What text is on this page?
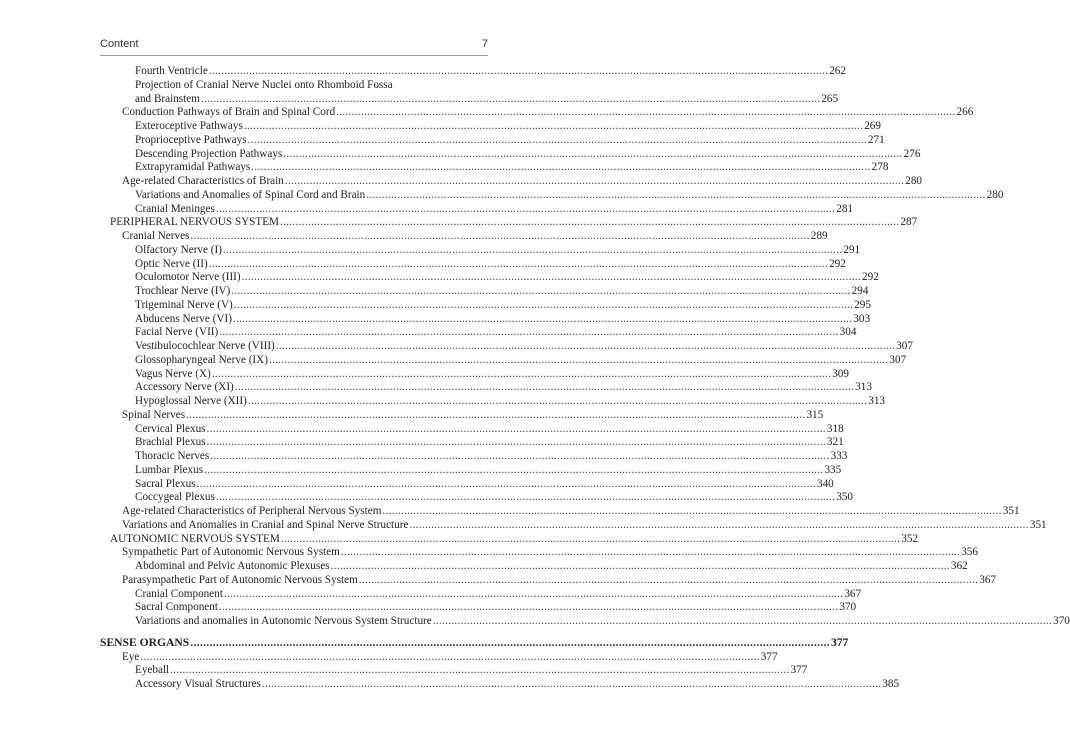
Content	7
Fourth Ventricle ........................................................................................................................................................................................................ 262
Projection of Cranial Nerve Nuclei onto Rhomboid Fossa
and Brainstem ........................................................................................................................................................................................................ 265
Conduction Pathways of Brain and Spinal Cord ........................................................................................................................................................................................................ 266
Exteroceptive Pathways ........................................................................................................................................................................................................ 269
Proprioceptive Pathways ........................................................................................................................................................................................................ 271
Descending Projection Pathways ........................................................................................................................................................................................................ 276
Extrapyramidal Pathways ........................................................................................................................................................................................................ 278
Age-related Characteristics of Brain ........................................................................................................................................................................................................ 280
Variations and Anomalies of Spinal Cord and Brain ........................................................................................................................................................................................................ 280
Cranial Meninges ........................................................................................................................................................................................................ 281
PERIPHERAL NERVOUS SYSTEM ........................................................................................................................................................................................................ 287
Cranial Nerves ........................................................................................................................................................................................................ 289
Olfactory Nerve (I) ........................................................................................................................................................................................................ 291
Optic Nerve (II) ........................................................................................................................................................................................................ 292
Oculomotor Nerve (III) ........................................................................................................................................................................................................ 292
Trochlear Nerve (IV) ........................................................................................................................................................................................................ 294
Trigeminal Nerve (V) ........................................................................................................................................................................................................ 295
Abducens Nerve (VI) ........................................................................................................................................................................................................ 303
Facial Nerve (VII) ........................................................................................................................................................................................................ 304
Vestibulocochlear Nerve (VIII) ........................................................................................................................................................................................................ 307
Glossopharyngeal Nerve (IX) ........................................................................................................................................................................................................ 307
Vagus Nerve (X) ........................................................................................................................................................................................................ 309
Accessory Nerve (XI) ........................................................................................................................................................................................................ 313
Hypoglossal Nerve (XII) ........................................................................................................................................................................................................ 313
Spinal Nerves ........................................................................................................................................................................................................ 315
Cervical Plexus ........................................................................................................................................................................................................ 318
Brachial Plexus ........................................................................................................................................................................................................ 321
Thoracic Nerves ........................................................................................................................................................................................................ 333
Lumbar Plexus ........................................................................................................................................................................................................ 335
Sacral Plexus ........................................................................................................................................................................................................ 340
Coccygeal Plexus ........................................................................................................................................................................................................ 350
Age-related Characteristics of Peripheral Nervous System ........................................................................................................................................................................................................ 351
Variations and Anomalies in Cranial and Spinal Nerve Structure ........................................................................................................................................................................................................ 351
AUTONOMIC NERVOUS SYSTEM ........................................................................................................................................................................................................ 352
Sympathetic Part of Autonomic Nervous System ........................................................................................................................................................................................................ 356
Abdominal and Pelvic Autonomic Plexuses ........................................................................................................................................................................................................ 362
Parasympathetic Part of Autonomic Nervous System ........................................................................................................................................................................................................ 367
Cranial Component ........................................................................................................................................................................................................ 367
Sacral Component ........................................................................................................................................................................................................ 370
Variations and anomalies in Autonomic Nervous System Structure ........................................................................................................................................................................................................ 370
SENSE ORGANS ........................................................................................................................................................................................................ 377
Eye ........................................................................................................................................................................................................ 377
Eyeball ........................................................................................................................................................................................................ 377
Accessory Visual Structures ........................................................................................................................................................................................................ 385
